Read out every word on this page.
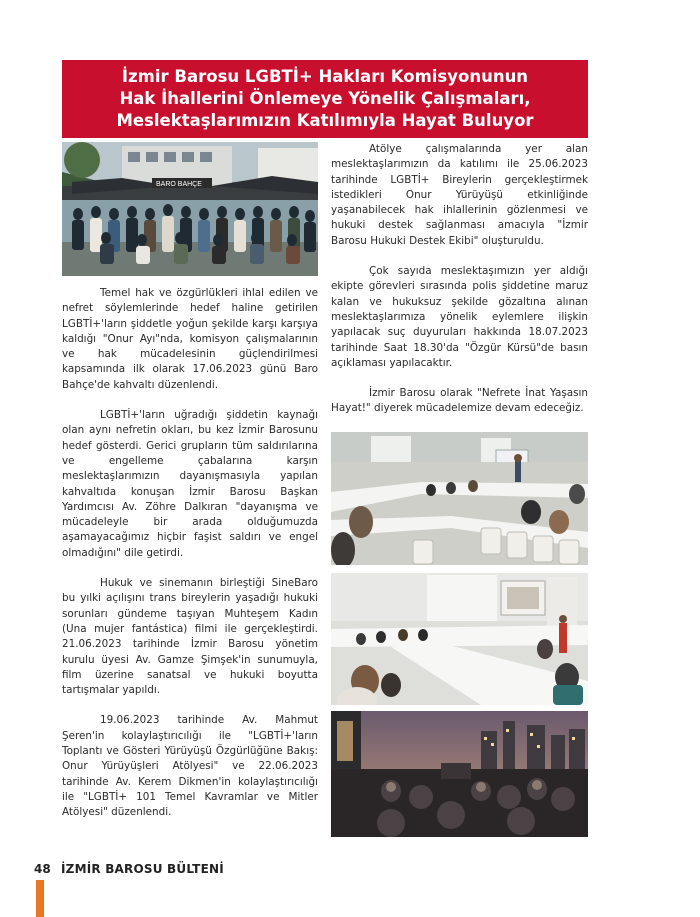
İzmir Barosu LGBTİ+ Hakları Komisyonunun
Hak İhallerini Önlemeye Yönelik Çalışmaları,
Meslektaşlarımızın Katılımıyla Hayat Buluyor
BARO BAHÇE

Temel hak ve özgürlükleri ihlal edilen ve nefret söylemlerinde hedef haline getirilen LGBTİ+'ların şiddetle yoğun şekilde karşı karşıya kaldığı "Onur Ayı"nda, komisyon çalışmalarının ve hak mücadelesinin güçlendirilmesi kapsamında ilk olarak 17.06.2023 günü Baro Bahçe'de kahvaltı düzenlendi.

LGBTİ+'ların uğradığı şiddetin kaynağı olan aynı nefretin okları, bu kez İzmir Barosunu hedef gösterdi. Gerici grupların tüm saldırılarına ve engelleme çabalarına karşın meslektaşlarımızın dayanışmasıyla yapılan kahvaltıda konuşan İzmir Barosu Başkan Yardımcısı Av. Zöhre Dalkıran "dayanışma ve mücadeleyle bir arada olduğumuzda aşamayacağımız hiçbir faşist saldırı ve engel olmadığını" dile getirdi.

Hukuk ve sinemanın birleştiği SineBaro bu yılki açılışını trans bireylerin yaşadığı hukuki sorunları gündeme taşıyan Muhteşem Kadın (Una mujer fantástica) filmi ile gerçekleştirdi. 21.06.2023 tarihinde İzmir Barosu yönetim kurulu üyesi Av. Gamze Şimşek'in sunumuyla, film üzerine sanatsal ve hukuki boyutta tartışmalar yapıldı.

19.06.2023 tarihinde Av. Mahmut Şeren'in kolaylaştırıcılığı ile "LGBTİ+'ların Toplantı ve Gösteri Yürüyüşü Özgürlüğüne Bakış: Onur Yürüyüşleri Atölyesi" ve 22.06.2023 tarihinde Av. Kerem Dikmen'in kolaylaştırıcılığı ile "LGBTİ+ 101 Temel Kavramlar ve Mitler Atölyesi" düzenlendi.

Atölye çalışmalarında yer alan meslektaşlarımızın da katılımı ile 25.06.2023 tarihinde LGBTİ+ Bireylerin gerçekleştirmek istedikleri Onur Yürüyüşü etkinliğinde yaşanabilecek hak ihlallerinin gözlenmesi ve hukuki destek sağlanması amacıyla "İzmir Barosu Hukuki Destek Ekibi" oluşturuldu.

Çok sayıda meslektaşımızın yer aldığı ekipte görevleri sırasında polis şiddetine maruz kalan ve hukuksuz şekilde gözaltına alınan meslektaşlarımıza yönelik eylemlere ilişkin yapılacak suç duyuruları hakkında 18.07.2023 tarihinde Saat 18.30'da "Özgür Kürsü"de basın açıklaması yapılacaktır.

İzmir Barosu olarak "Nefrete İnat Yaşasın Hayat!" diyerek mücadelemize devam edeceğiz.

48 İZMİR BAROSU BÜLTENİ
